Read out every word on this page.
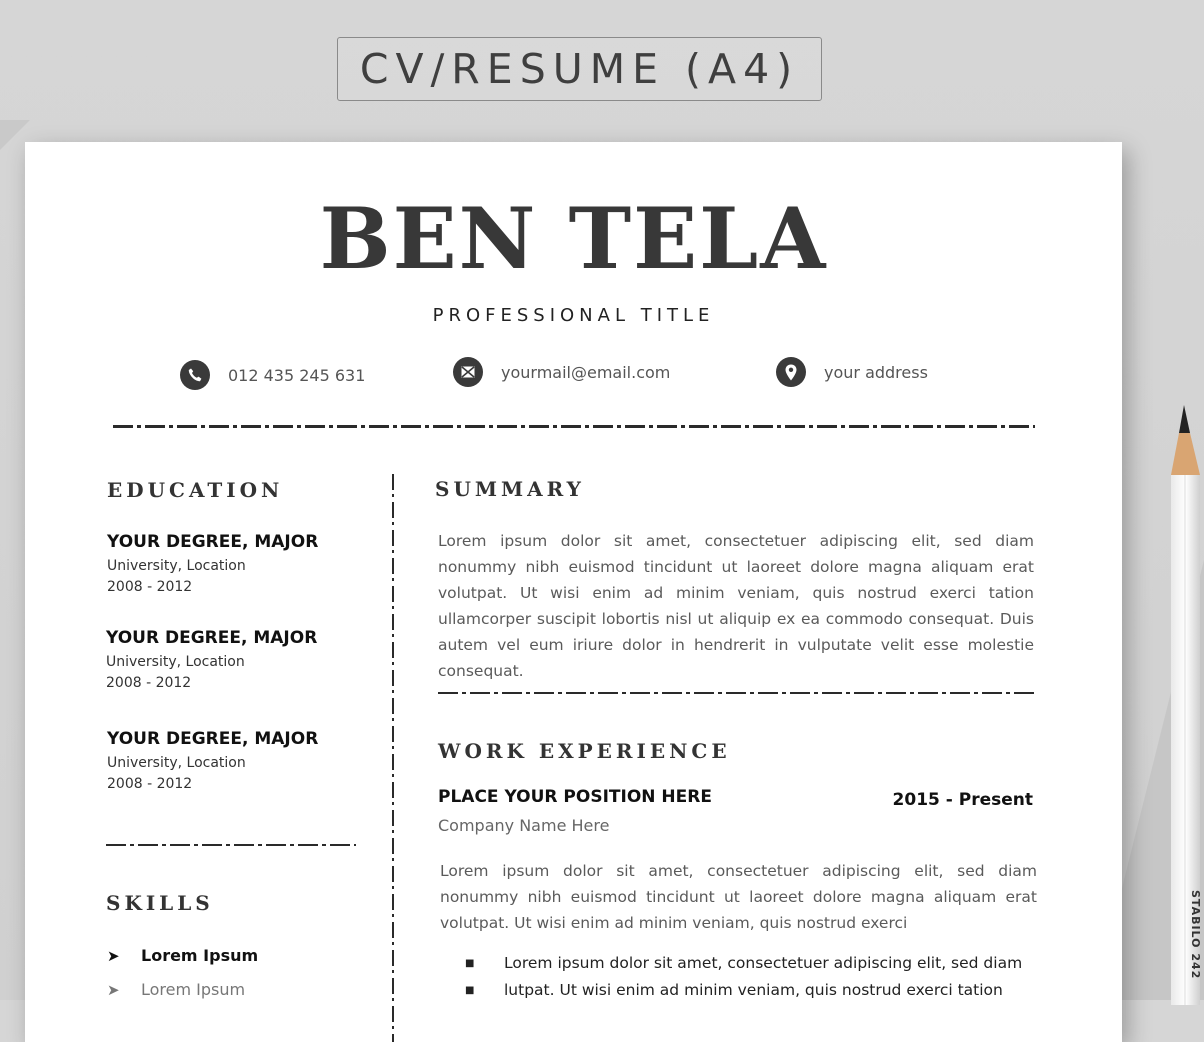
CV/RESUME (A4)
BEN TELA
PROFESSIONAL TITLE
012 435 245 631	yourmail@email.com	your address
EDUCATION
YOUR DEGREE, MAJOR
University, Location
2008 - 2012
YOUR DEGREE, MAJOR
University, Location
2008 - 2012
YOUR DEGREE, MAJOR
University, Location
2008 - 2012
SKILLS
➤	Lorem Ipsum
➤	Lorem Ipsum
SUMMARY
Lorem ipsum dolor sit amet, consectetuer adipiscing elit, sed diam nonummy nibh euismod tincidunt ut laoreet dolore magna aliquam erat volutpat. Ut wisi enim ad minim veniam, quis nostrud exerci tation ullamcorper suscipit lobortis nisl ut aliquip ex ea commodo consequat. Duis autem vel eum iriure dolor in hendrerit in vulputate velit esse molestie consequat.
WORK EXPERIENCE
PLACE YOUR POSITION HERE	2015 - Present
Company Name Here
Lorem ipsum dolor sit amet, consectetuer adipiscing elit, sed diam nonummy nibh euismod tincidunt ut laoreet dolore magna aliquam erat volutpat. Ut wisi enim ad minim veniam, quis nostrud exerci
■	Lorem ipsum dolor sit amet, consectetuer adipiscing elit, sed diam
■	lutpat. Ut wisi enim ad minim veniam, quis nostrud exerci tation
STABILO 242
